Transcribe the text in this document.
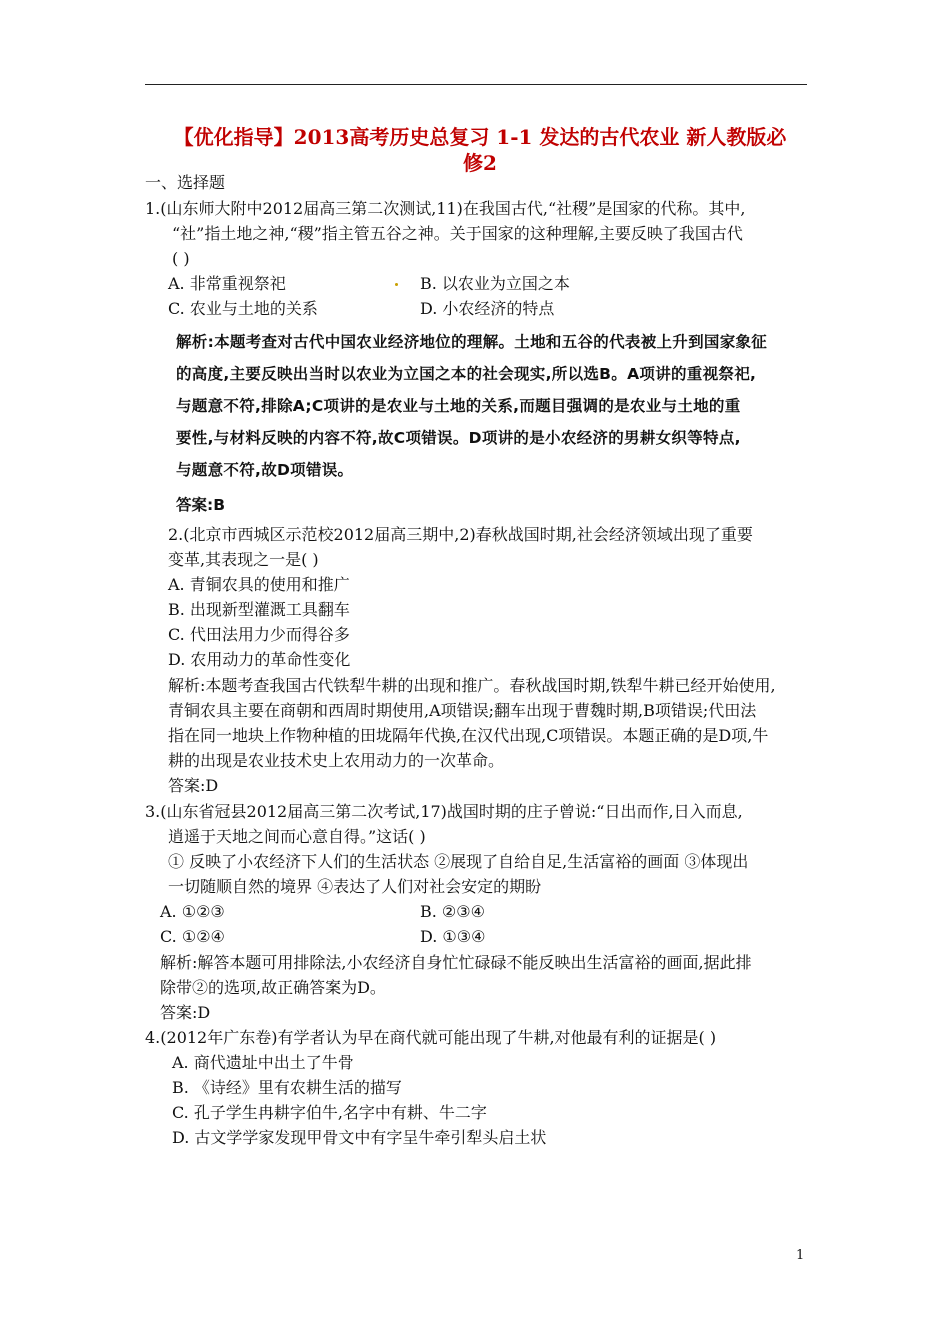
【优化指导】2013高考历史总复习 1-1 发达的古代农业 新人教版必
修2
一、选择题
1.(山东师大附中2012届高三第二次测试,11)在我国古代,“社稷”是国家的代称。其中,
“社”指土地之神,“稷”指主管五谷之神。关于国家的这种理解,主要反映了我国古代
( )
A. 非常重视祭祀	B. 以农业为立国之本
C. 农业与土地的关系	D. 小农经济的特点
解析:本题考查对古代中国农业经济地位的理解。土地和五谷的代表被上升到国家象征
的高度,主要反映出当时以农业为立国之本的社会现实,所以选B。A项讲的重视祭祀,
与题意不符,排除A;C项讲的是农业与土地的关系,而题目强调的是农业与土地的重
要性,与材料反映的内容不符,故C项错误。D项讲的是小农经济的男耕女织等特点,
与题意不符,故D项错误。
答案:B
2.(北京市西城区示范校2012届高三期中,2)春秋战国时期,社会经济领域出现了重要
变革,其表现之一是( )
A. 青铜农具的使用和推广
B. 出现新型灌溉工具翻车
C. 代田法用力少而得谷多
D. 农用动力的革命性变化
解析:本题考查我国古代铁犁牛耕的出现和推广。春秋战国时期,铁犁牛耕已经开始使用,
青铜农具主要在商朝和西周时期使用,A项错误;翻车出现于曹魏时期,B项错误;代田法
指在同一地块上作物种植的田垅隔年代换,在汉代出现,C项错误。本题正确的是D项,牛
耕的出现是农业技术史上农用动力的一次革命。
答案:D
3.(山东省冠县2012届高三第二次考试,17)战国时期的庄子曾说:“日出而作,日入而息,
逍遥于天地之间而心意自得。”这话( )
① 反映了小农经济下人们的生活状态 ②展现了自给自足,生活富裕的画面 ③体现出
一切随顺自然的境界 ④表达了人们对社会安定的期盼
A. ①②③	B. ②③④
C. ①②④	D. ①③④
解析:解答本题可用排除法,小农经济自身忙忙碌碌不能反映出生活富裕的画面,据此排
除带②的选项,故正确答案为D。
答案:D
4.(2012年广东卷)有学者认为早在商代就可能出现了牛耕,对他最有利的证据是( )
A. 商代遗址中出土了牛骨
B. 《诗经》里有农耕生活的描写
C. 孔子学生冉耕字伯牛,名字中有耕、牛二字
D. 古文学学家发现甲骨文中有字呈牛牵引犁头启土状
1
